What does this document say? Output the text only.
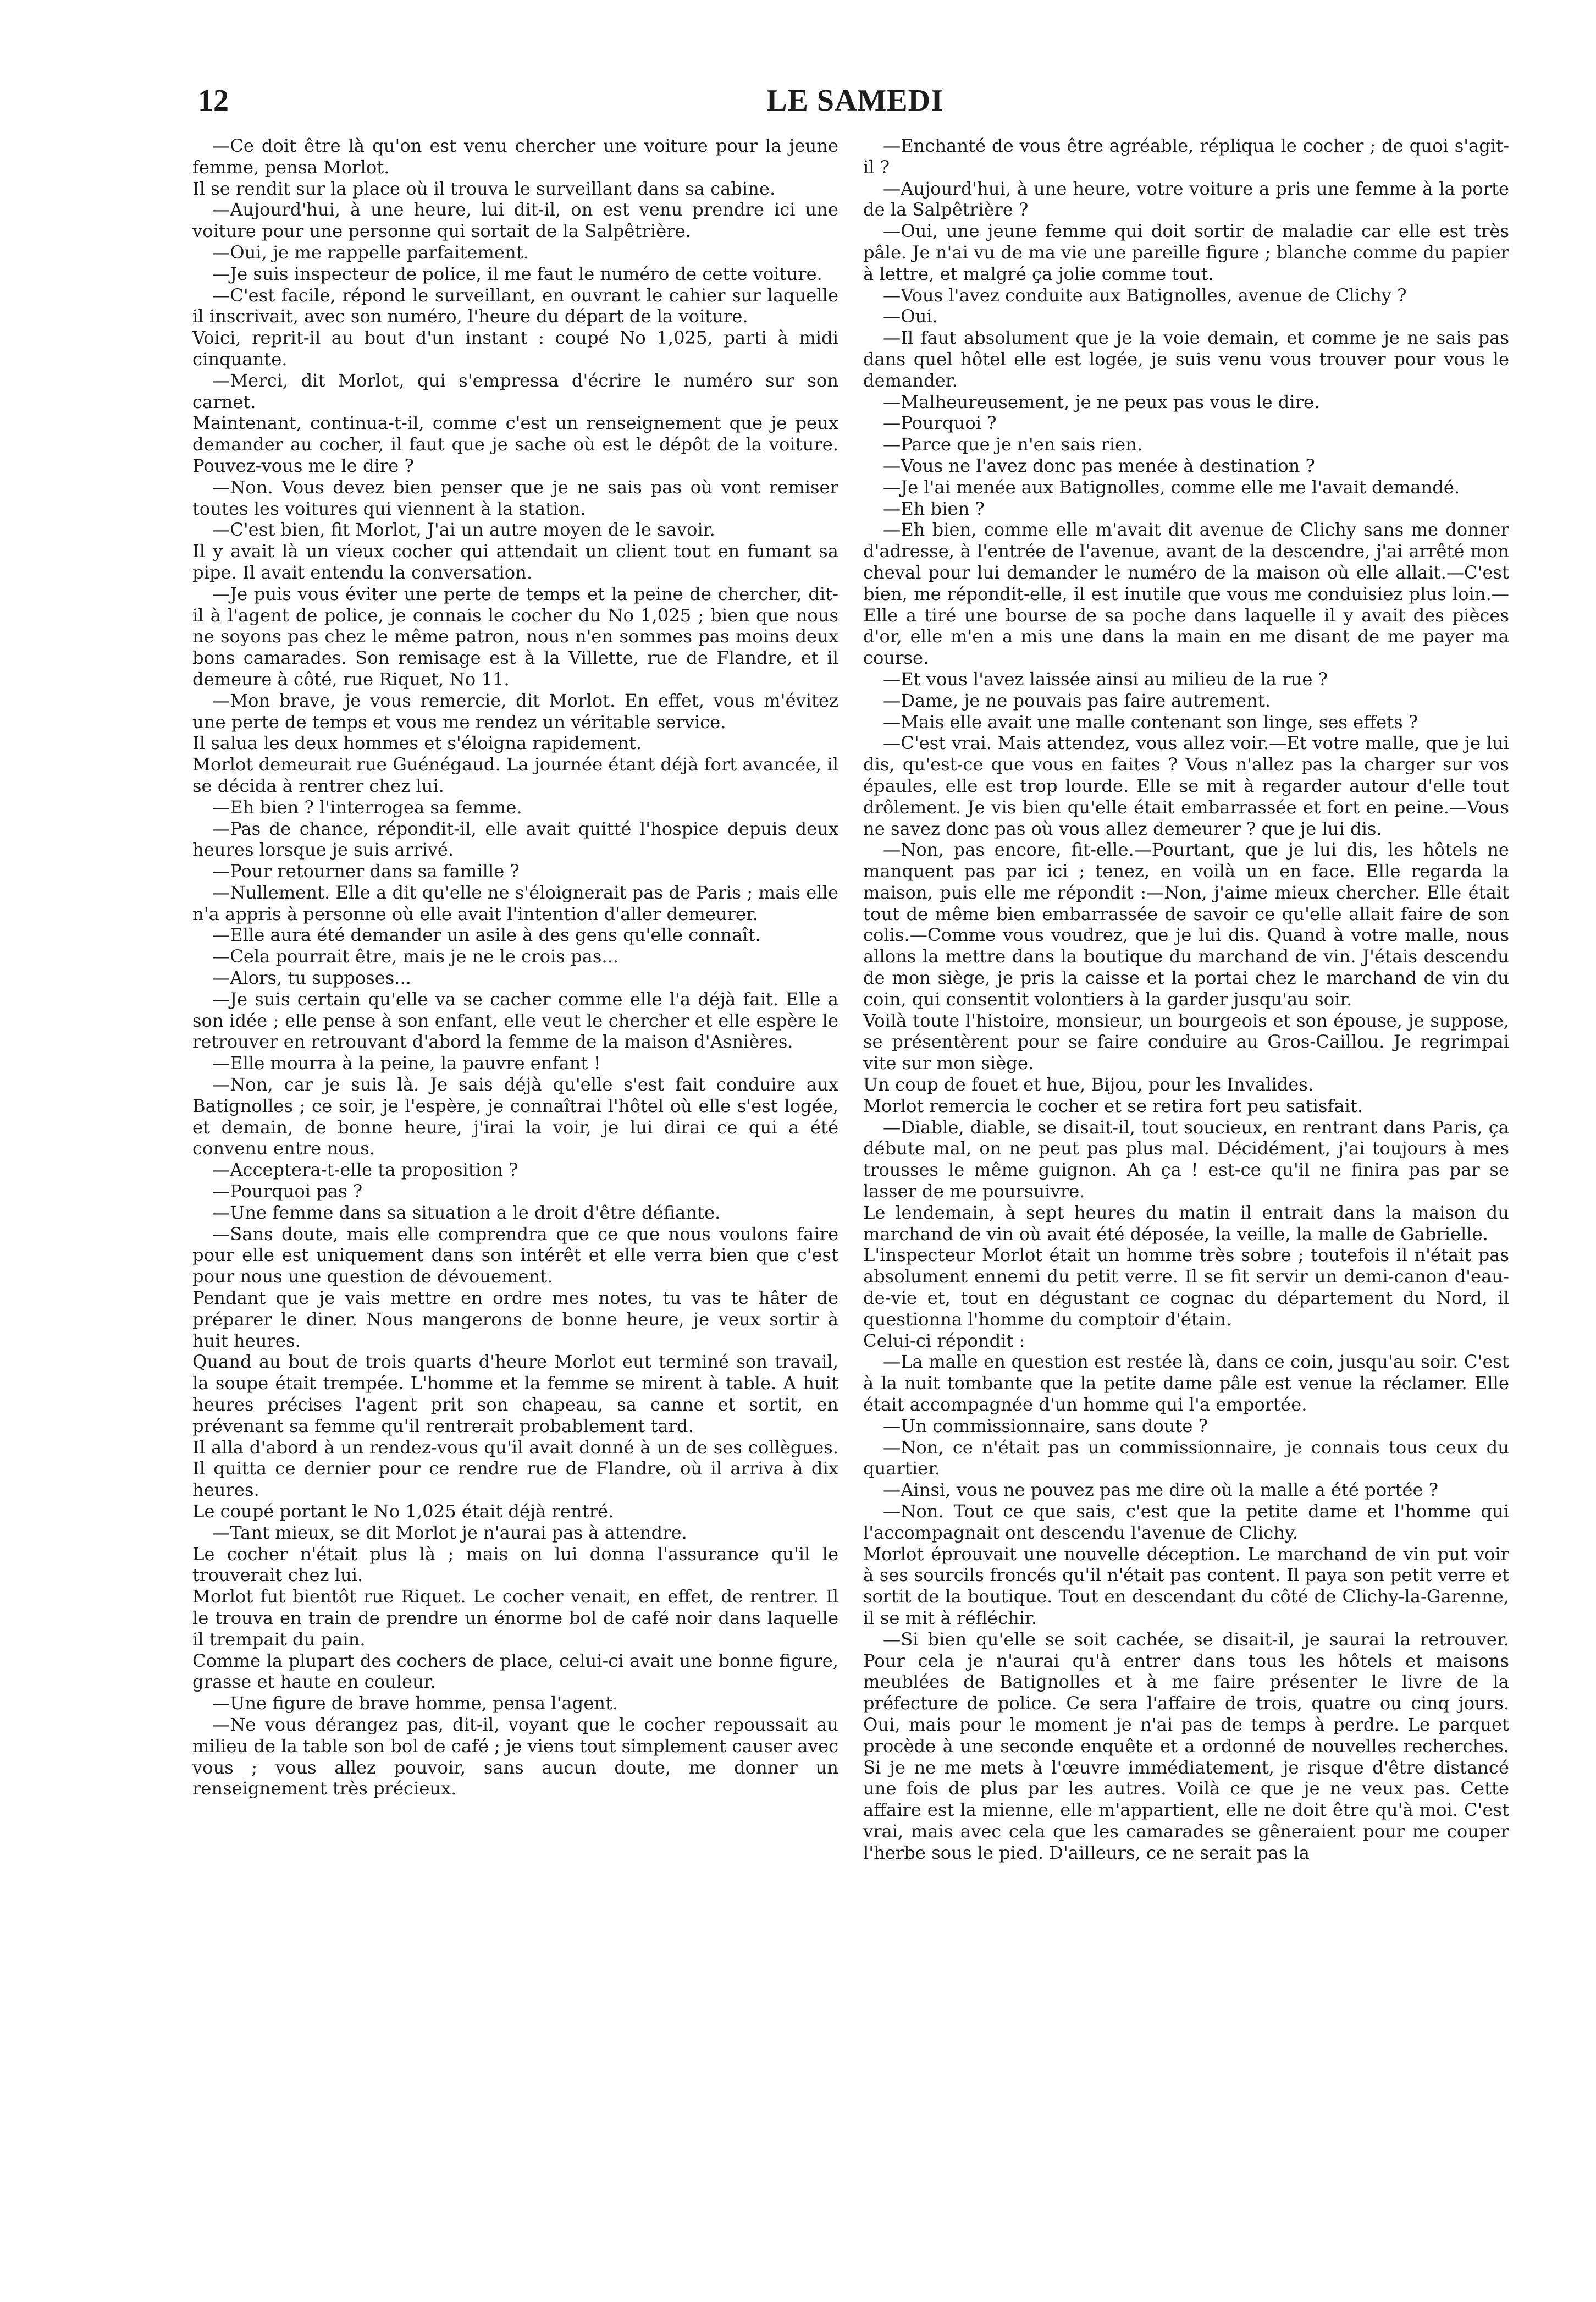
12	LE SAMEDI

—Ce doit être là qu'on est venu chercher une voiture pour la jeune femme, pensa Morlot.

Il se rendit sur la place où il trouva le surveillant dans sa cabine.

—Aujourd'hui, à une heure, lui dit-il, on est venu prendre ici une voiture pour une personne qui sortait de la Salpêtrière.

—Oui, je me rappelle parfaitement.

—Je suis inspecteur de police, il me faut le numéro de cette voiture.

—C'est facile, répond le surveillant, en ouvrant le cahier sur laquelle il inscrivait, avec son numéro, l'heure du départ de la voiture.

Voici, reprit-il au bout d'un instant : coupé No 1,025, parti à midi cinquante.

—Merci, dit Morlot, qui s'empressa d'écrire le numéro sur son carnet.

Maintenant, continua-t-il, comme c'est un renseignement que je peux demander au cocher, il faut que je sache où est le dépôt de la voiture. Pouvez-vous me le dire ?

—Non. Vous devez bien penser que je ne sais pas où vont remiser toutes les voitures qui viennent à la station.

—C'est bien, fit Morlot, J'ai un autre moyen de le savoir.

Il y avait là un vieux cocher qui attendait un client tout en fumant sa pipe. Il avait entendu la conversation.

—Je puis vous éviter une perte de temps et la peine de chercher, dit-il à l'agent de police, je connais le cocher du No 1,025 ; bien que nous ne soyons pas chez le même patron, nous n'en sommes pas moins deux bons camarades. Son remisage est à la Villette, rue de Flandre, et il demeure à côté, rue Riquet, No 11.

—Mon brave, je vous remercie, dit Morlot. En effet, vous m'évitez une perte de temps et vous me rendez un véritable service.

Il salua les deux hommes et s'éloigna rapidement.

Morlot demeurait rue Guénégaud. La journée étant déjà fort avancée, il se décida à rentrer chez lui.

—Eh bien ? l'interrogea sa femme.

—Pas de chance, répondit-il, elle avait quitté l'hospice depuis deux heures lorsque je suis arrivé.

—Pour retourner dans sa famille ?

—Nullement. Elle a dit qu'elle ne s'éloignerait pas de Paris ; mais elle n'a appris à personne où elle avait l'intention d'aller demeurer.

—Elle aura été demander un asile à des gens qu'elle connaît.

—Cela pourrait être, mais je ne le crois pas...

—Alors, tu supposes...

—Je suis certain qu'elle va se cacher comme elle l'a déjà fait. Elle a son idée ; elle pense à son enfant, elle veut le chercher et elle espère le retrouver en retrouvant d'abord la femme de la maison d'Asnières.

—Elle mourra à la peine, la pauvre enfant !

—Non, car je suis là. Je sais déjà qu'elle s'est fait conduire aux Batignolles ; ce soir, je l'espère, je connaîtrai l'hôtel où elle s'est logée, et demain, de bonne heure, j'irai la voir, je lui dirai ce qui a été convenu entre nous.

—Acceptera-t-elle ta proposition ?

—Pourquoi pas ?

—Une femme dans sa situation a le droit d'être défiante.

—Sans doute, mais elle comprendra que ce que nous voulons faire pour elle est uniquement dans son intérêt et elle verra bien que c'est pour nous une question de dévouement.

Pendant que je vais mettre en ordre mes notes, tu vas te hâter de préparer le diner. Nous mangerons de bonne heure, je veux sortir à huit heures.

Quand au bout de trois quarts d'heure Morlot eut terminé son travail, la soupe était trempée. L'homme et la femme se mirent à table. A huit heures précises l'agent prit son chapeau, sa canne et sortit, en prévenant sa femme qu'il rentrerait probablement tard.

Il alla d'abord à un rendez-vous qu'il avait donné à un de ses collègues. Il quitta ce dernier pour ce rendre rue de Flandre, où il arriva à dix heures.

Le coupé portant le No 1,025 était déjà rentré.

—Tant mieux, se dit Morlot je n'aurai pas à attendre.

Le cocher n'était plus là ; mais on lui donna l'assurance qu'il le trouverait chez lui.

Morlot fut bientôt rue Riquet. Le cocher venait, en effet, de rentrer. Il le trouva en train de prendre un énorme bol de café noir dans laquelle il trempait du pain.

Comme la plupart des cochers de place, celui-ci avait une bonne figure, grasse et haute en couleur.

—Une figure de brave homme, pensa l'agent.

—Ne vous dérangez pas, dit-il, voyant que le cocher repoussait au milieu de la table son bol de café ; je viens tout simplement causer avec vous ; vous allez pouvoir, sans aucun doute, me donner un renseignement très précieux.

—Enchanté de vous être agréable, répliqua le cocher ; de quoi s'agit-il ?

—Aujourd'hui, à une heure, votre voiture a pris une femme à la porte de la Salpêtrière ?

—Oui, une jeune femme qui doit sortir de maladie car elle est très pâle. Je n'ai vu de ma vie une pareille figure ; blanche comme du papier à lettre, et malgré ça jolie comme tout.

—Vous l'avez conduite aux Batignolles, avenue de Clichy ?

—Oui.

—Il faut absolument que je la voie demain, et comme je ne sais pas dans quel hôtel elle est logée, je suis venu vous trouver pour vous le demander.

—Malheureusement, je ne peux pas vous le dire.

—Pourquoi ?

—Parce que je n'en sais rien.

—Vous ne l'avez donc pas menée à destination ?

—Je l'ai menée aux Batignolles, comme elle me l'avait demandé.

—Eh bien ?

—Eh bien, comme elle m'avait dit avenue de Clichy sans me donner d'adresse, à l'entrée de l'avenue, avant de la descendre, j'ai arrêté mon cheval pour lui demander le numéro de la maison où elle allait.—C'est bien, me répondit-elle, il est inutile que vous me conduisiez plus loin.—Elle a tiré une bourse de sa poche dans laquelle il y avait des pièces d'or, elle m'en a mis une dans la main en me disant de me payer ma course.

—Et vous l'avez laissée ainsi au milieu de la rue ?

—Dame, je ne pouvais pas faire autrement.

—Mais elle avait une malle contenant son linge, ses effets ?

—C'est vrai. Mais attendez, vous allez voir.—Et votre malle, que je lui dis, qu'est-ce que vous en faites ? Vous n'allez pas la charger sur vos épaules, elle est trop lourde. Elle se mit à regarder autour d'elle tout drôlement. Je vis bien qu'elle était embarrassée et fort en peine.—Vous ne savez donc pas où vous allez demeurer ? que je lui dis.

—Non, pas encore, fit-elle.—Pourtant, que je lui dis, les hôtels ne manquent pas par ici ; tenez, en voilà un en face. Elle regarda la maison, puis elle me répondit :—Non, j'aime mieux chercher. Elle était tout de même bien embarrassée de savoir ce qu'elle allait faire de son colis.—Comme vous voudrez, que je lui dis. Quand à votre malle, nous allons la mettre dans la boutique du marchand de vin. J'étais descendu de mon siège, je pris la caisse et la portai chez le marchand de vin du coin, qui consentit volontiers à la garder jusqu'au soir.

Voilà toute l'histoire, monsieur, un bourgeois et son épouse, je suppose, se présentèrent pour se faire conduire au Gros-Caillou. Je regrimpai vite sur mon siège.

Un coup de fouet et hue, Bijou, pour les Invalides.

Morlot remercia le cocher et se retira fort peu satisfait.

—Diable, diable, se disait-il, tout soucieux, en rentrant dans Paris, ça débute mal, on ne peut pas plus mal. Décidément, j'ai toujours à mes trousses le même guignon. Ah ça ! est-ce qu'il ne finira pas par se lasser de me poursuivre.

Le lendemain, à sept heures du matin il entrait dans la maison du marchand de vin où avait été déposée, la veille, la malle de Gabrielle.

L'inspecteur Morlot était un homme très sobre ; toutefois il n'était pas absolument ennemi du petit verre. Il se fit servir un demi-canon d'eau-de-vie et, tout en dégustant ce cognac du département du Nord, il questionna l'homme du comptoir d'étain.

Celui-ci répondit :

—La malle en question est restée là, dans ce coin, jusqu'au soir. C'est à la nuit tombante que la petite dame pâle est venue la réclamer. Elle était accompagnée d'un homme qui l'a emportée.

—Un commissionnaire, sans doute ?

—Non, ce n'était pas un commissionnaire, je connais tous ceux du quartier.

—Ainsi, vous ne pouvez pas me dire où la malle a été portée ?

—Non. Tout ce que sais, c'est que la petite dame et l'homme qui l'accompagnait ont descendu l'avenue de Clichy.

Morlot éprouvait une nouvelle déception. Le marchand de vin put voir à ses sourcils froncés qu'il n'était pas content. Il paya son petit verre et sortit de la boutique. Tout en descendant du côté de Clichy-la-Garenne, il se mit à réfléchir.

—Si bien qu'elle se soit cachée, se disait-il, je saurai la retrouver. Pour cela je n'aurai qu'à entrer dans tous les hôtels et maisons meublées de Batignolles et à me faire présenter le livre de la préfecture de police. Ce sera l'affaire de trois, quatre ou cinq jours. Oui, mais pour le moment je n'ai pas de temps à perdre. Le parquet procède à une seconde enquête et a ordonné de nouvelles recherches. Si je ne me mets à l'œuvre immédiatement, je risque d'être distancé une fois de plus par les autres. Voilà ce que je ne veux pas. Cette affaire est la mienne, elle m'appartient, elle ne doit être qu'à moi. C'est vrai, mais avec cela que les camarades se gêneraient pour me couper l'herbe sous le pied. D'ailleurs, ce ne serait pas la
